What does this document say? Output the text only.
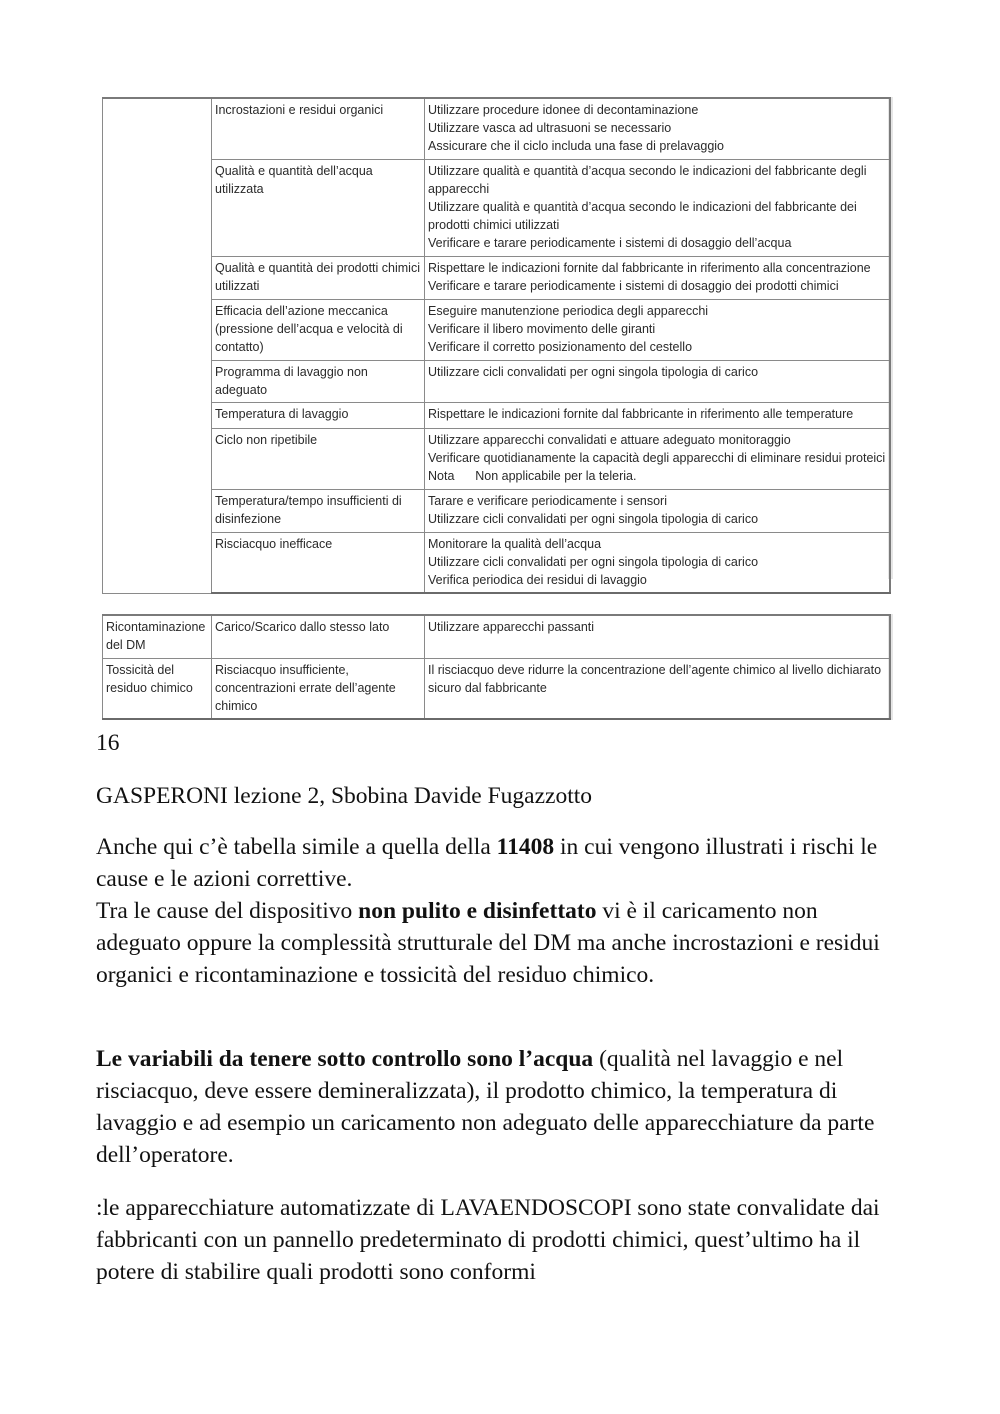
	Incrostazioni e residui organici	Utilizzare procedure idonee di decontaminazione
Utilizzare vasca ad ultrasuoni se necessario
Assicurare che il ciclo includa una fase di prelavaggio

	Qualità e quantità dell’acqua utilizzata	Utilizzare qualità e quantità d’acqua secondo le indicazioni del fabbricante degli apparecchi
Utilizzare qualità e quantità d’acqua secondo le indicazioni del fabbricante dei prodotti chimici utilizzati
Verificare e tarare periodicamente i sistemi di dosaggio dell’acqua

	Qualità e quantità dei prodotti chimici utilizzati	Rispettare le indicazioni fornite dal fabbricante in riferimento alla concentrazione
Verificare e tarare periodicamente i sistemi di dosaggio dei prodotti chimici

	Efficacia dell’azione meccanica (pressione dell’acqua e velocità di contatto)	Eseguire manutenzione periodica degli apparecchi
Verificare il libero movimento delle giranti
Verificare il corretto posizionamento del cestello

	Programma di lavaggio non adeguato	Utilizzare cicli convalidati per ogni singola tipologia di carico

	Temperatura di lavaggio	Rispettare le indicazioni fornite dal fabbricante in riferimento alle temperature

	Ciclo non ripetibile	Utilizzare apparecchi convalidati e attuare adeguato monitoraggio
Verificare quotidianamente la capacità degli apparecchi di eliminare residui proteici
Nota      Non applicabile per la teleria.

	Temperatura/tempo insufficienti di disinfezione	Tarare e verificare periodicamente i sensori
Utilizzare cicli convalidati per ogni singola tipologia di carico

	Risciacquo inefficace	Monitorare la qualità dell’acqua
Utilizzare cicli convalidati per ogni singola tipologia di carico
Verifica periodica dei residui di lavaggio
Ricontaminazione del DM	Carico/Scarico dallo stesso lato	Utilizzare apparecchi passanti

Tossicità del residuo chimico	Risciacquo insufficiente, concentrazioni errate dell’agente chimico	Il risciacquo deve ridurre la concentrazione dell’agente chimico al livello dichiarato sicuro dal fabbricante
16
GASPERONI lezione 2, Sbobina Davide Fugazzotto

Anche qui c’è tabella simile a quella della 11408 in cui vengono illustrati i rischi le cause e le azioni correttive.

Tra le cause del dispositivo non pulito e disinfettato vi è il caricamento non adeguato oppure la complessità strutturale del DM ma anche incrostazioni e residui organici e ricontaminazione e tossicità del residuo chimico.

Le variabili da tenere sotto controllo sono l’acqua (qualità nel lavaggio e nel risciacquo, deve essere demineralizzata), il prodotto chimico, la temperatura di lavaggio e ad esempio un caricamento non adeguato delle apparecchiature da parte dell’operatore.

:le apparecchiature automatizzate di LAVAENDOSCOPI sono state convalidate dai fabbricanti con un pannello predeterminato di prodotti chimici, quest’ultimo ha il potere di stabilire quali prodotti sono conformi
